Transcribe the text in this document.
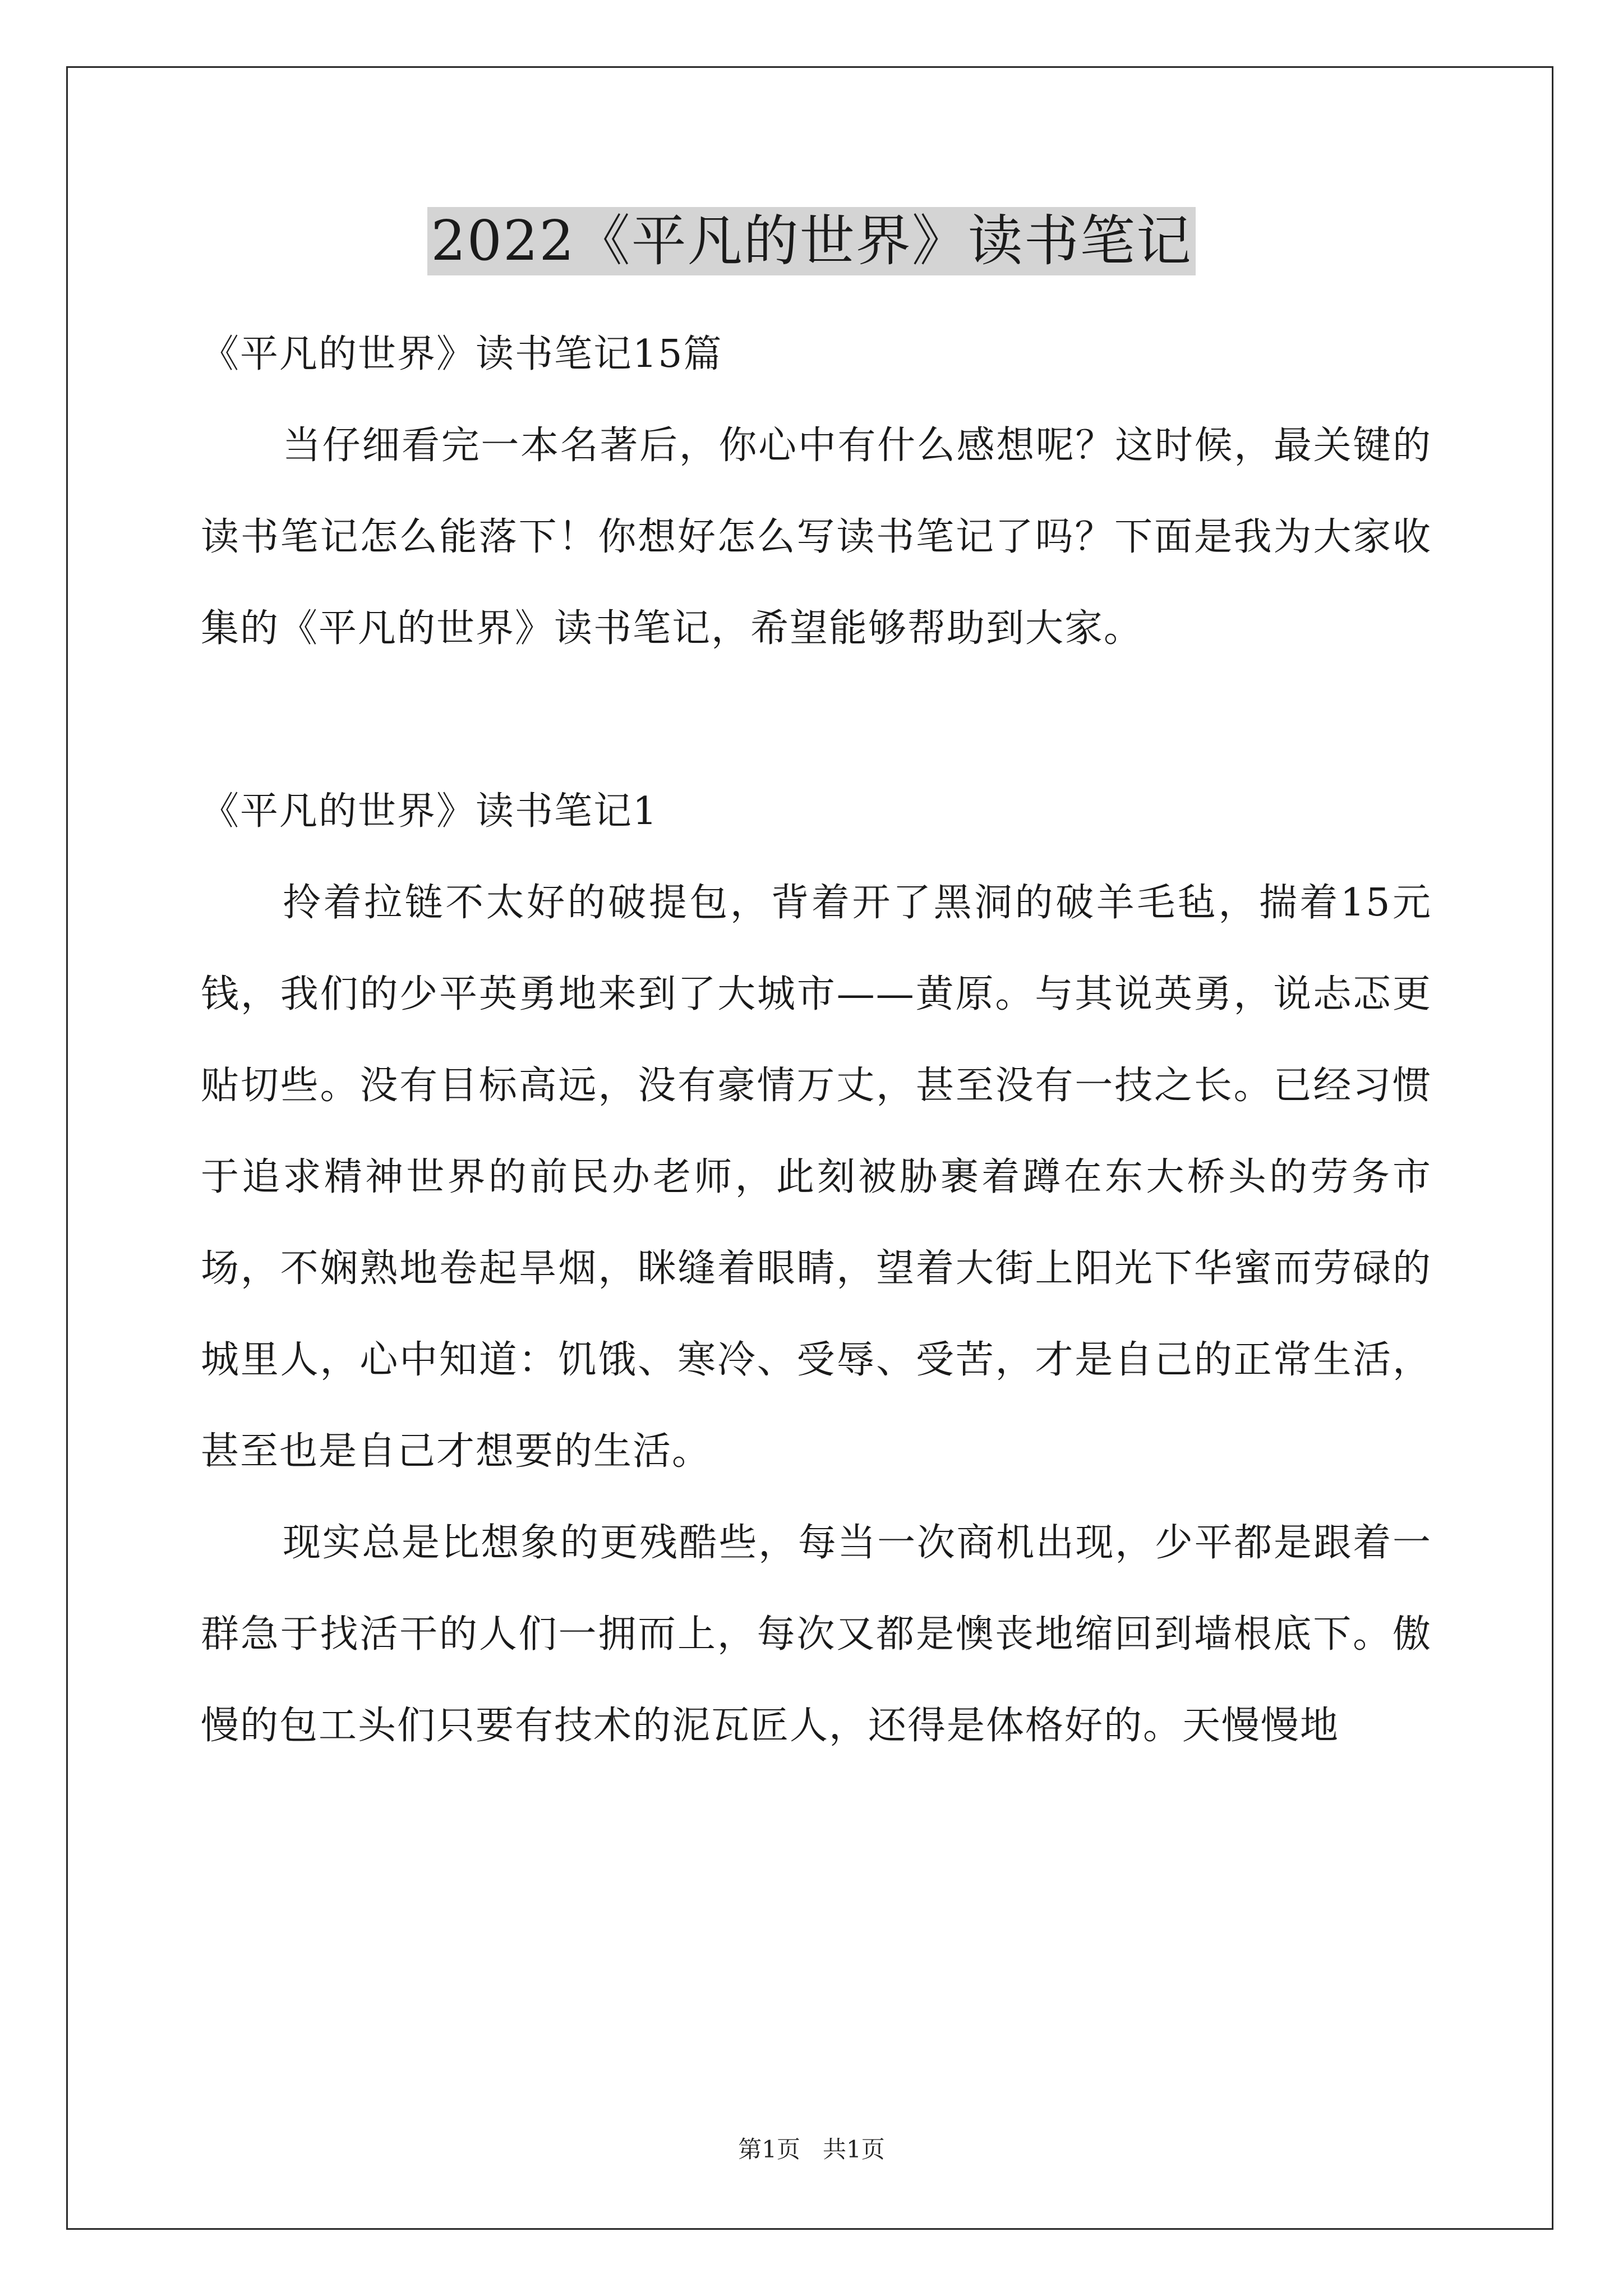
2022《平凡的世界》读书笔记

《平凡的世界》读书笔记15篇

当仔细看完一本名著后，你心中有什么感想呢？这时候，最关键的读书笔记怎么能落下！你想好怎么写读书笔记了吗？下面是我为大家收集的《平凡的世界》读书笔记，希望能够帮助到大家。

《平凡的世界》读书笔记1

拎着拉链不太好的破提包，背着开了黑洞的破羊毛毡，揣着15元钱，我们的少平英勇地来到了大城市——黄原。与其说英勇，说忐忑更贴切些。没有目标高远，没有豪情万丈，甚至没有一技之长。已经习惯于追求精神世界的前民办老师，此刻被胁裹着蹲在东大桥头的劳务市场，不娴熟地卷起旱烟，眯缝着眼睛，望着大街上阳光下华蜜而劳碌的城里人，心中知道：饥饿、寒冷、受辱、受苦，才是自己的正常生活，甚至也是自己才想要的生活。

现实总是比想象的更残酷些，每当一次商机出现，少平都是跟着一群急于找活干的人们一拥而上，每次又都是懊丧地缩回到墙根底下。傲慢的包工头们只要有技术的泥瓦匠人，还得是体格好的。天慢慢地

第1页 共1页
